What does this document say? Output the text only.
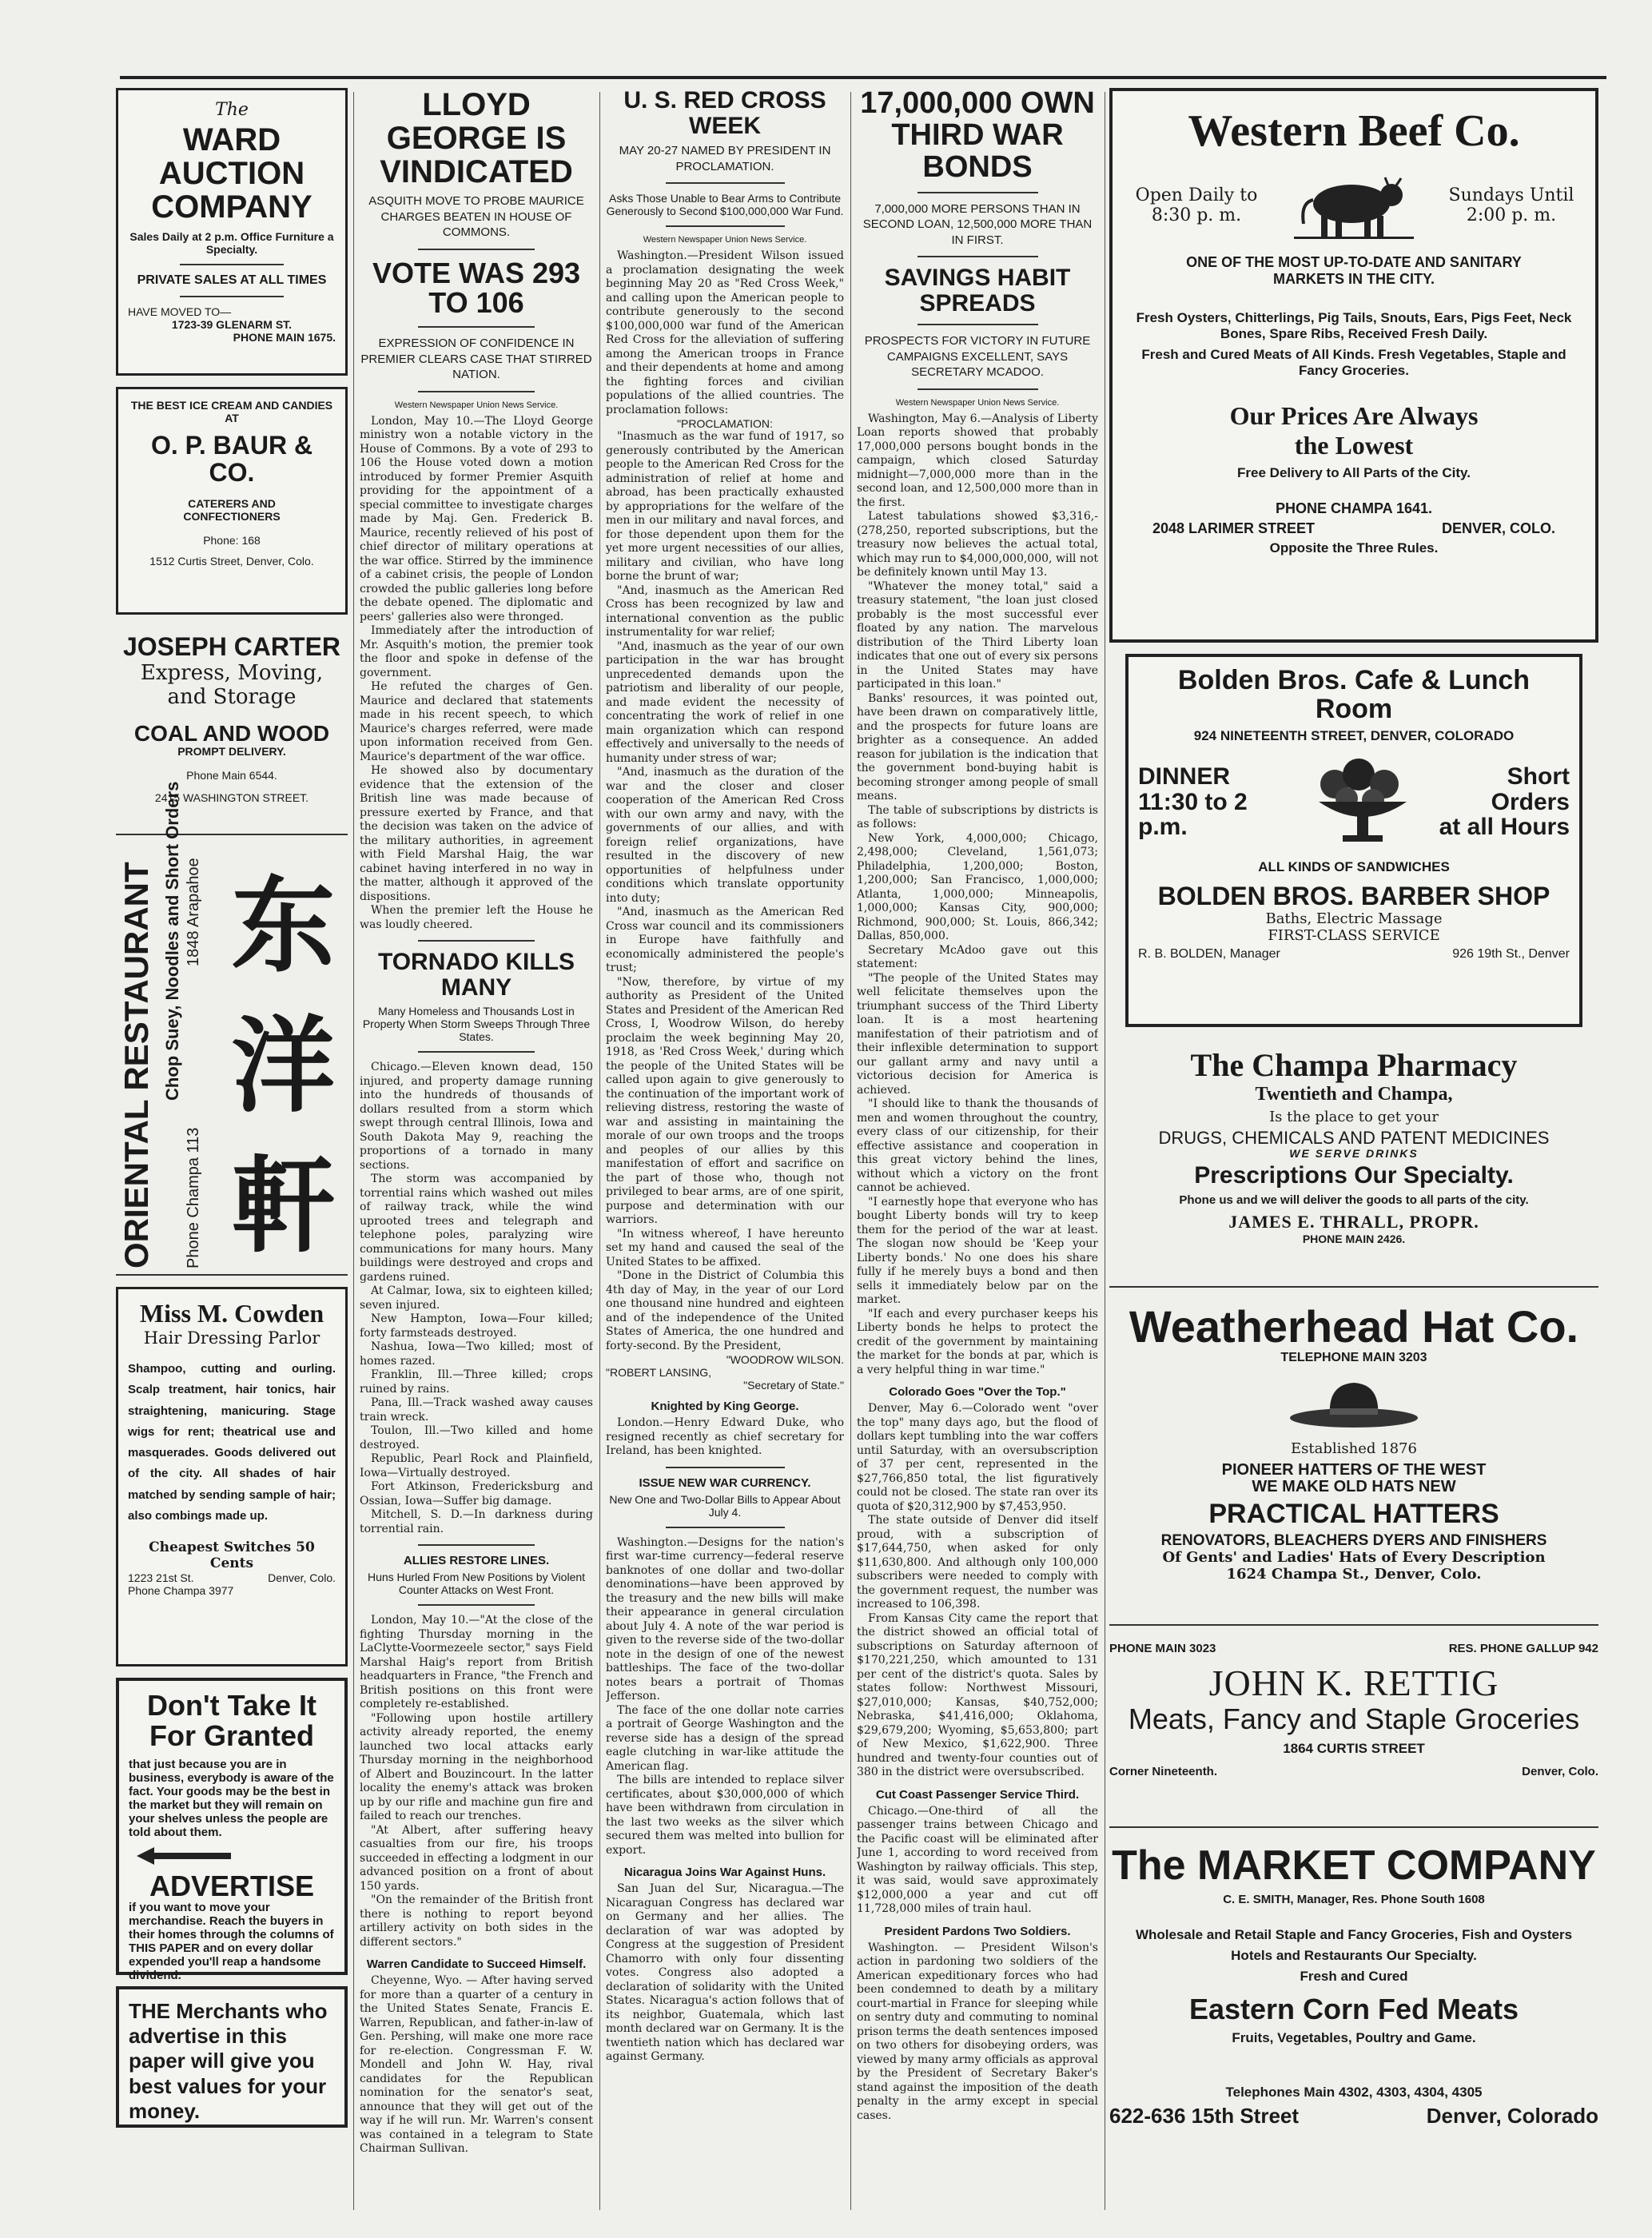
The
WARD AUCTION COMPANY
Sales Daily at 2 p.m. Office Furniture a Specialty.
PRIVATE SALES AT ALL TIMES
HAVE MOVED TO—
1723-39 GLENARM ST.
PHONE MAIN 1675.
THE BEST ICE CREAM AND CANDIES AT
O. P. BAUR & CO.
CATERERS AND
CONFECTIONERS
Phone: 168
1512 Curtis Street, Denver, Colo.
JOSEPH CARTER
Express, Moving,
and Storage
COAL AND WOOD
PROMPT DELIVERY.
Phone Main 6544.
2415 WASHINGTON STREET.
ORIENTAL RESTAURANT Chop Suey, Noodles and Short Orders 1848 Arapahoe
Phone Champa 113 东 洋 軒
Miss M. Cowden
Hair Dressing Parlor
Shampoo, cutting and ourling. Scalp treatment, hair tonics, hair straightening, manicuring. Stage wigs for rent; theatrical use and masquerades. Goods delivered out of the city. All shades of hair matched by sending sample of hair; also combings made up.
Cheapest Switches 50 Cents
1223 21st St.	Denver, Colo.
Phone Champa 3977
Don't Take It
For Granted
that just because you are in business, everybody is aware of the fact. Your goods may be the best in the market but they will remain on your shelves unless the people are told about them.
ADVERTISE
if you want to move your merchandise. Reach the buyers in their homes through the columns of THIS PAPER and on every dollar expended you'll reap a handsome dividend.
THE Merchants who advertise in this paper will give you best values for your money.
LLOYD GEORGE IS VINDICATED
ASQUITH MOVE TO PROBE MAURICE CHARGES BEATEN IN HOUSE OF COMMONS.
VOTE WAS 293 TO 106
EXPRESSION OF CONFIDENCE IN PREMIER CLEARS CASE THAT STIRRED NATION.
Western Newspaper Union News Service.

London, May 10.—The Lloyd George ministry won a notable victory in the House of Commons. By a vote of 293 to 106 the House voted down a motion introduced by former Premier Asquith providing for the appointment of a special committee to investigate charges made by Maj. Gen. Frederick B. Maurice, recently relieved of his post of chief director of military operations at the war office. Stirred by the imminence of a cabinet crisis, the people of London crowded the public galleries long before the debate opened. The diplomatic and peers' galleries also were thronged.

Immediately after the introduction of Mr. Asquith's motion, the premier took the floor and spoke in defense of the government.

He refuted the charges of Gen. Maurice and declared that statements made in his recent speech, to which Maurice's charges referred, were made upon information received from Gen. Maurice's department of the war office.

He showed also by documentary evidence that the extension of the British line was made because of pressure exerted by France, and that the decision was taken on the advice of the military authorities, in agreement with Field Marshal Haig, the war cabinet having interfered in no way in the matter, although it approved of the dispositions.

When the premier left the House he was loudly cheered.

TORNADO KILLS MANY
Many Homeless and Thousands Lost in Property When Storm Sweeps Through Three States.

Chicago.—Eleven known dead, 150 injured, and property damage running into the hundreds of thousands of dollars resulted from a storm which swept through central Illinois, Iowa and South Dakota May 9, reaching the proportions of a tornado in many sections.

The storm was accompanied by torrential rains which washed out miles of railway track, while the wind uprooted trees and telegraph and telephone poles, paralyzing wire communications for many hours. Many buildings were destroyed and crops and gardens ruined.

At Calmar, Iowa, six to eighteen killed; seven injured.

New Hampton, Iowa—Four killed; forty farmsteads destroyed.

Nashua, Iowa—Two killed; most of homes razed.

Franklin, Ill.—Three killed; crops ruined by rains.

Pana, Ill.—Track washed away causes train wreck.

Toulon, Ill.—Two killed and home destroyed.

Republic, Pearl Rock and Plainfield, Iowa—Virtually destroyed.

Fort Atkinson, Fredericksburg and Ossian, Iowa—Suffer big damage.

Mitchell, S. D.—In darkness during torrential rain.

ALLIES RESTORE LINES.
Huns Hurled From New Positions by Violent Counter Attacks on West Front.

London, May 10.—"At the close of the fighting Thursday morning in the LaClytte-Voormezeele sector," says Field Marshal Haig's report from British headquarters in France, "the French and British positions on this front were completely re-established.

"Following upon hostile artillery activity already reported, the enemy launched two local attacks early Thursday morning in the neighborhood of Albert and Bouzincourt. In the latter locality the enemy's attack was broken up by our rifle and machine gun fire and failed to reach our trenches.

"At Albert, after suffering heavy casualties from our fire, his troops succeeded in effecting a lodgment in our advanced position on a front of about 150 yards.

"On the remainder of the British front there is nothing to report beyond artillery activity on both sides in the different sectors."

Warren Candidate to Succeed Himself.

Cheyenne, Wyo. — After having served for more than a quarter of a century in the United States Senate, Francis E. Warren, Republican, and father-in-law of Gen. Pershing, will make one more race for re-election. Congressman F. W. Mondell and John W. Hay, rival candidates for the Republican nomination for the senator's seat, announce that they will get out of the way if he will run. Mr. Warren's consent was contained in a telegram to State Chairman Sullivan.

U. S. RED CROSS WEEK
MAY 20-27 NAMED BY PRESIDENT IN PROCLAMATION.
Asks Those Unable to Bear Arms to Contribute Generously to Second $100,000,000 War Fund.
Western Newspaper Union News Service.

Washington.—President Wilson issued a proclamation designating the week beginning May 20 as "Red Cross Week," and calling upon the American people to contribute generously to the second $100,000,000 war fund of the American Red Cross for the alleviation of suffering among the American troops in France and their dependents at home and among the fighting forces and civilian populations of the allied countries. The proclamation follows:

"PROCLAMATION:

"Inasmuch as the war fund of 1917, so generously contributed by the American people to the American Red Cross for the administration of relief at home and abroad, has been practically exhausted by appropriations for the welfare of the men in our military and naval forces, and for those dependent upon them for the yet more urgent necessities of our allies, military and civilian, who have long borne the brunt of war;

"And, inasmuch as the American Red Cross has been recognized by law and international convention as the public instrumentality for war relief;

"And, inasmuch as the year of our own participation in the war has brought unprecedented demands upon the patriotism and liberality of our people, and made evident the necessity of concentrating the work of relief in one main organization which can respond effectively and universally to the needs of humanity under stress of war;

"And, inasmuch as the duration of the war and the closer and closer cooperation of the American Red Cross with our own army and navy, with the governments of our allies, and with foreign relief organizations, have resulted in the discovery of new opportunities of helpfulness under conditions which translate opportunity into duty;

"And, inasmuch as the American Red Cross war council and its commissioners in Europe have faithfully and economically administered the people's trust;

"Now, therefore, by virtue of my authority as President of the United States and President of the American Red Cross, I, Woodrow Wilson, do hereby proclaim the week beginning May 20, 1918, as 'Red Cross Week,' during which the people of the United States will be called upon again to give generously to the continuation of the important work of relieving distress, restoring the waste of war and assisting in maintaining the morale of our own troops and the troops and peoples of our allies by this manifestation of effort and sacrifice on the part of those who, though not privileged to bear arms, are of one spirit, purpose and determination with our warriors.

"In witness whereof, I have hereunto set my hand and caused the seal of the United States to be affixed.

"Done in the District of Columbia this 4th day of May, in the year of our Lord one thousand nine hundred and eighteen and of the independence of the United States of America, the one hundred and forty-second. By the President,

"WOODROW WILSON.
"ROBERT LANSING,
"Secretary of State."
Knighted by King George.

London.—Henry Edward Duke, who resigned recently as chief secretary for Ireland, has been knighted.

ISSUE NEW WAR CURRENCY.
New One and Two-Dollar Bills to Appear About July 4.

Washington.—Designs for the nation's first war-time currency—federal reserve banknotes of one dollar and two-dollar denominations—have been approved by the treasury and the new bills will make their appearance in general circulation about July 4. A note of the war period is given to the reverse side of the two-dollar note in the design of one of the newest battleships. The face of the two-dollar notes bears a portrait of Thomas Jefferson.

The face of the one dollar note carries a portrait of George Washington and the reverse side has a design of the spread eagle clutching in war-like attitude the American flag.

The bills are intended to replace silver certificates, about $30,000,000 of which have been withdrawn from circulation in the last two weeks as the silver which secured them was melted into bullion for export.

Nicaragua Joins War Against Huns.

San Juan del Sur, Nicaragua.—The Nicaraguan Congress has declared war on Germany and her allies. The declaration of war was adopted by Congress at the suggestion of President Chamorro with only four dissenting votes. Congress also adopted a declaration of solidarity with the United States. Nicaragua's action follows that of its neighbor, Guatemala, which last month declared war on Germany. It is the twentieth nation which has declared war against Germany.

17,000,000 OWN THIRD WAR BONDS
7,000,000 MORE PERSONS THAN IN SECOND LOAN, 12,500,000 MORE THAN IN FIRST.
SAVINGS HABIT SPREADS
PROSPECTS FOR VICTORY IN FUTURE CAMPAIGNS EXCELLENT, SAYS SECRETARY MCADOO.
Western Newspaper Union News Service.

Washington, May 6.—Analysis of Liberty Loan reports showed that probably 17,000,000 persons bought bonds in the campaign, which closed Saturday midnight—7,000,000 more than in the second loan, and 12,500,000 more than in the first.

Latest tabulations showed $3,316,-(278,250, reported subscriptions, but the treasury now believes the actual total, which may run to $4,000,000,000, will not be definitely known until May 13.

"Whatever the money total," said a treasury statement, "the loan just closed probably is the most successful ever floated by any nation. The marvelous distribution of the Third Liberty loan indicates that one out of every six persons in the United States may have participated in this loan."

Banks' resources, it was pointed out, have been drawn on comparatively little, and the prospects for future loans are brighter as a consequence. An added reason for jubilation is the indication that the government bond-buying habit is becoming stronger among people of small means.

The table of subscriptions by districts is as follows:

New York, 4,000,000; Chicago, 2,498,000; Cleveland, 1,561,073; Philadelphia, 1,200,000; Boston, 1,200,000; San Francisco, 1,000,000; Atlanta, 1,000,000; Minneapolis, 1,000,000; Kansas City, 900,000; Richmond, 900,000; St. Louis, 866,342; Dallas, 850,000.

Secretary McAdoo gave out this statement:

"The people of the United States may well felicitate themselves upon the triumphant success of the Third Liberty loan. It is a most heartening manifestation of their patriotism and of their inflexible determination to support our gallant army and navy until a victorious decision for America is achieved.

"I should like to thank the thousands of men and women throughout the country, every class of our citizenship, for their effective assistance and cooperation in this great victory behind the lines, without which a victory on the front cannot be achieved.

"I earnestly hope that everyone who has bought Liberty bonds will try to keep them for the period of the war at least. The slogan now should be 'Keep your Liberty bonds.' No one does his share fully if he merely buys a bond and then sells it immediately below par on the market.

"If each and every purchaser keeps his Liberty bonds he helps to protect the credit of the government by maintaining the market for the bonds at par, which is a very helpful thing in war time."

Colorado Goes "Over the Top."

Denver, May 6.—Colorado went "over the top" many days ago, but the flood of dollars kept tumbling into the war coffers until Saturday, with an oversubscription of 37 per cent, represented in the $27,766,850 total, the list figuratively could not be closed. The state ran over its quota of $20,312,900 by $7,453,950.

The state outside of Denver did itself proud, with a subscription of $17,644,750, when asked for only $11,630,800. And although only 100,000 subscribers were needed to comply with the government request, the number was increased to 106,398.

From Kansas City came the report that the district showed an official total of subscriptions on Saturday afternoon of $170,221,250, which amounted to 131 per cent of the district's quota. Sales by states follow: Northwest Missouri, $27,010,000; Kansas, $40,752,000; Nebraska, $41,416,000; Oklahoma, $29,679,200; Wyoming, $5,653,800; part of New Mexico, $1,622,900. Three hundred and twenty-four counties out of 380 in the district were oversubscribed.

Cut Coast Passenger Service Third.

Chicago.—One-third of all the passenger trains between Chicago and the Pacific coast will be eliminated after June 1, according to word received from Washington by railway officials. This step, it was said, would save approximately $12,000,000 a year and cut off 11,728,000 miles of train haul.

President Pardons Two Soldiers.

Washington. — President Wilson's action in pardoning two soldiers of the American expeditionary forces who had been condemned to death by a military court-martial in France for sleeping while on sentry duty and commuting to nominal prison terms the death sentences imposed on two others for disobeying orders, was viewed by many army officials as approval by the President of Secretary Baker's stand against the imposition of the death penalty in the army except in special cases.

Western Beef Co.
Open Daily to 8:30 p. m.
Sundays Until 2:00 p. m.
ONE OF THE MOST UP-TO-DATE AND SANITARY MARKETS IN THE CITY.
Fresh Oysters, Chitterlings, Pig Tails, Snouts, Ears, Pigs Feet, Neck Bones, Spare Ribs, Received Fresh Daily.
Fresh and Cured Meats of All Kinds. Fresh Vegetables, Staple and Fancy Groceries.
Our Prices Are Always
the Lowest
Free Delivery to All Parts of the City.
PHONE CHAMPA 1641.
2048 LARIMER STREET	DENVER, COLO.
Opposite the Three Rules.
Bolden Bros. Cafe & Lunch Room
924 NINETEENTH STREET, DENVER, COLORADO
DINNER
11:30 to 2 p.m.
Short Orders
at all Hours
ALL KINDS OF SANDWICHES
BOLDEN BROS. BARBER SHOP
Baths, Electric Massage
FIRST-CLASS SERVICE
R. B. BOLDEN, Manager	926 19th St., Denver
The Champa Pharmacy
Twentieth and Champa,
Is the place to get your
DRUGS, CHEMICALS AND PATENT MEDICINES
WE SERVE DRINKS
Prescriptions Our Specialty.
Phone us and we will deliver the goods to all parts of the city.
JAMES E. THRALL, PROPR.
PHONE MAIN 2426.
Weatherhead Hat Co.
TELEPHONE MAIN 3203
Established 1876
PIONEER HATTERS OF THE WEST
WE MAKE OLD HATS NEW
PRACTICAL HATTERS
RENOVATORS, BLEACHERS DYERS AND FINISHERS
Of Gents' and Ladies' Hats of Every Description
1624 Champa St., Denver, Colo.
PHONE MAIN 3023	RES. PHONE GALLUP 942
JOHN K. RETTIG
Meats, Fancy and Staple Groceries
1864 CURTIS STREET
Corner Nineteenth.	Denver, Colo.
The MARKET COMPANY
C. E. SMITH, Manager, Res. Phone South 1608
Wholesale and Retail Staple and Fancy Groceries, Fish and Oysters
Hotels and Restaurants Our Specialty.
Fresh and Cured
Eastern Corn Fed Meats
Fruits, Vegetables, Poultry and Game.
Telephones Main 4302, 4303, 4304, 4305
622-636 15th Street	Denver, Colorado
